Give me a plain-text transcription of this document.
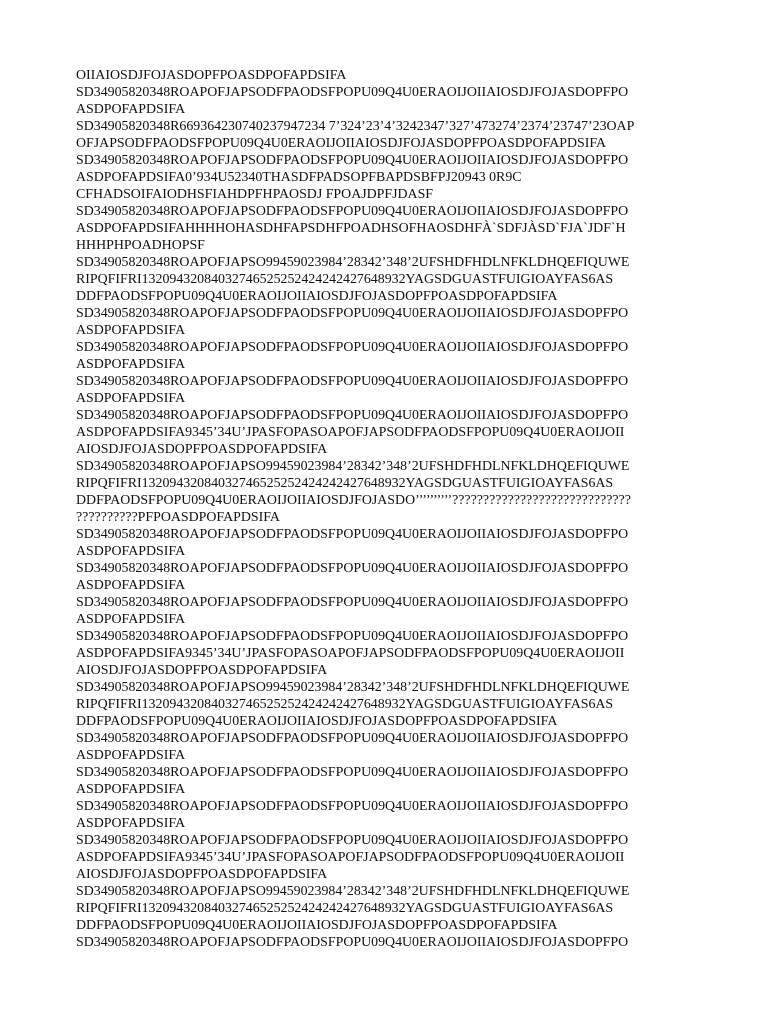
OIIAIOSDJFOJASDOPFPOASDPOFAPDSIFA
SD34905820348ROAPOFJAPSODFPAODSFPOPU09Q4U0ERAOIJOIIAIOSDJFOJASDOPFPO
ASDPOFAPDSIFA
SD34905820348R669364230740237947234 7’324’23’4’3242347’327’473274’2374’23747’23OAP
OFJAPSODFPAODSFPOPU09Q4U0ERAOIJOIIAIOSDJFOJASDOPFPOASDPOFAPDSIFA
SD34905820348ROAPOFJAPSODFPAODSFPOPU09Q4U0ERAOIJOIIAIOSDJFOJASDOPFPO
ASDPOFAPDSIFA0’934U52340THASDFPADSOPFBAPDSBFPJ20943 0R9C
CFHADSOIFAIODHSFIAHDPFHPAOSDJ FPOAJDPFJDASF
SD34905820348ROAPOFJAPSODFPAODSFPOPU09Q4U0ERAOIJOIIAIOSDJFOJASDOPFPO
ASDPOFAPDSIFAHHHHOHASDHFAPSDHFPOADHSOFHAOSDHFÀ`SDFJÀSD`FJA`JDF`H
HHHPHPOADHOPSF
SD34905820348ROAPOFJAPSO99459023984’28342’348’2UFSHDFHDLNFKLDHQEFIQUWE
RIPQFIFRI13209432084032746525252424242427648932YAGSDGUASTFUIGIOAYFAS6AS
DDFPAODSFPOPU09Q4U0ERAOIJOIIAIOSDJFOJASDOPFPOASDPOFAPDSIFA
SD34905820348ROAPOFJAPSODFPAODSFPOPU09Q4U0ERAOIJOIIAIOSDJFOJASDOPFPO
ASDPOFAPDSIFA
SD34905820348ROAPOFJAPSODFPAODSFPOPU09Q4U0ERAOIJOIIAIOSDJFOJASDOPFPO
ASDPOFAPDSIFA
SD34905820348ROAPOFJAPSODFPAODSFPOPU09Q4U0ERAOIJOIIAIOSDJFOJASDOPFPO
ASDPOFAPDSIFA
SD34905820348ROAPOFJAPSODFPAODSFPOPU09Q4U0ERAOIJOIIAIOSDJFOJASDOPFPO
ASDPOFAPDSIFA9345’34U’JPASFOPASOAPOFJAPSODFPAODSFPOPU09Q4U0ERAOIJOII
AIOSDJFOJASDOPFPOASDPOFAPDSIFA
SD34905820348ROAPOFJAPSO99459023984’28342’348’2UFSHDFHDLNFKLDHQEFIQUWE
RIPQFIFRI13209432084032746525252424242427648932YAGSDGUASTFUIGIOAYFAS6AS
DDFPAODSFPOPU09Q4U0ERAOIJOIIAIOSDJFOJASDO’’’’’’’’’’?????????????????????????????
??????????PFPOASDPOFAPDSIFA
SD34905820348ROAPOFJAPSODFPAODSFPOPU09Q4U0ERAOIJOIIAIOSDJFOJASDOPFPO
ASDPOFAPDSIFA
SD34905820348ROAPOFJAPSODFPAODSFPOPU09Q4U0ERAOIJOIIAIOSDJFOJASDOPFPO
ASDPOFAPDSIFA
SD34905820348ROAPOFJAPSODFPAODSFPOPU09Q4U0ERAOIJOIIAIOSDJFOJASDOPFPO
ASDPOFAPDSIFA
SD34905820348ROAPOFJAPSODFPAODSFPOPU09Q4U0ERAOIJOIIAIOSDJFOJASDOPFPO
ASDPOFAPDSIFA9345’34U’JPASFOPASOAPOFJAPSODFPAODSFPOPU09Q4U0ERAOIJOII
AIOSDJFOJASDOPFPOASDPOFAPDSIFA
SD34905820348ROAPOFJAPSO99459023984’28342’348’2UFSHDFHDLNFKLDHQEFIQUWE
RIPQFIFRI13209432084032746525252424242427648932YAGSDGUASTFUIGIOAYFAS6AS
DDFPAODSFPOPU09Q4U0ERAOIJOIIAIOSDJFOJASDOPFPOASDPOFAPDSIFA
SD34905820348ROAPOFJAPSODFPAODSFPOPU09Q4U0ERAOIJOIIAIOSDJFOJASDOPFPO
ASDPOFAPDSIFA
SD34905820348ROAPOFJAPSODFPAODSFPOPU09Q4U0ERAOIJOIIAIOSDJFOJASDOPFPO
ASDPOFAPDSIFA
SD34905820348ROAPOFJAPSODFPAODSFPOPU09Q4U0ERAOIJOIIAIOSDJFOJASDOPFPO
ASDPOFAPDSIFA
SD34905820348ROAPOFJAPSODFPAODSFPOPU09Q4U0ERAOIJOIIAIOSDJFOJASDOPFPO
ASDPOFAPDSIFA9345’34U’JPASFOPASOAPOFJAPSODFPAODSFPOPU09Q4U0ERAOIJOII
AIOSDJFOJASDOPFPOASDPOFAPDSIFA
SD34905820348ROAPOFJAPSO99459023984’28342’348’2UFSHDFHDLNFKLDHQEFIQUWE
RIPQFIFRI13209432084032746525252424242427648932YAGSDGUASTFUIGIOAYFAS6AS
DDFPAODSFPOPU09Q4U0ERAOIJOIIAIOSDJFOJASDOPFPOASDPOFAPDSIFA
SD34905820348ROAPOFJAPSODFPAODSFPOPU09Q4U0ERAOIJOIIAIOSDJFOJASDOPFPO
